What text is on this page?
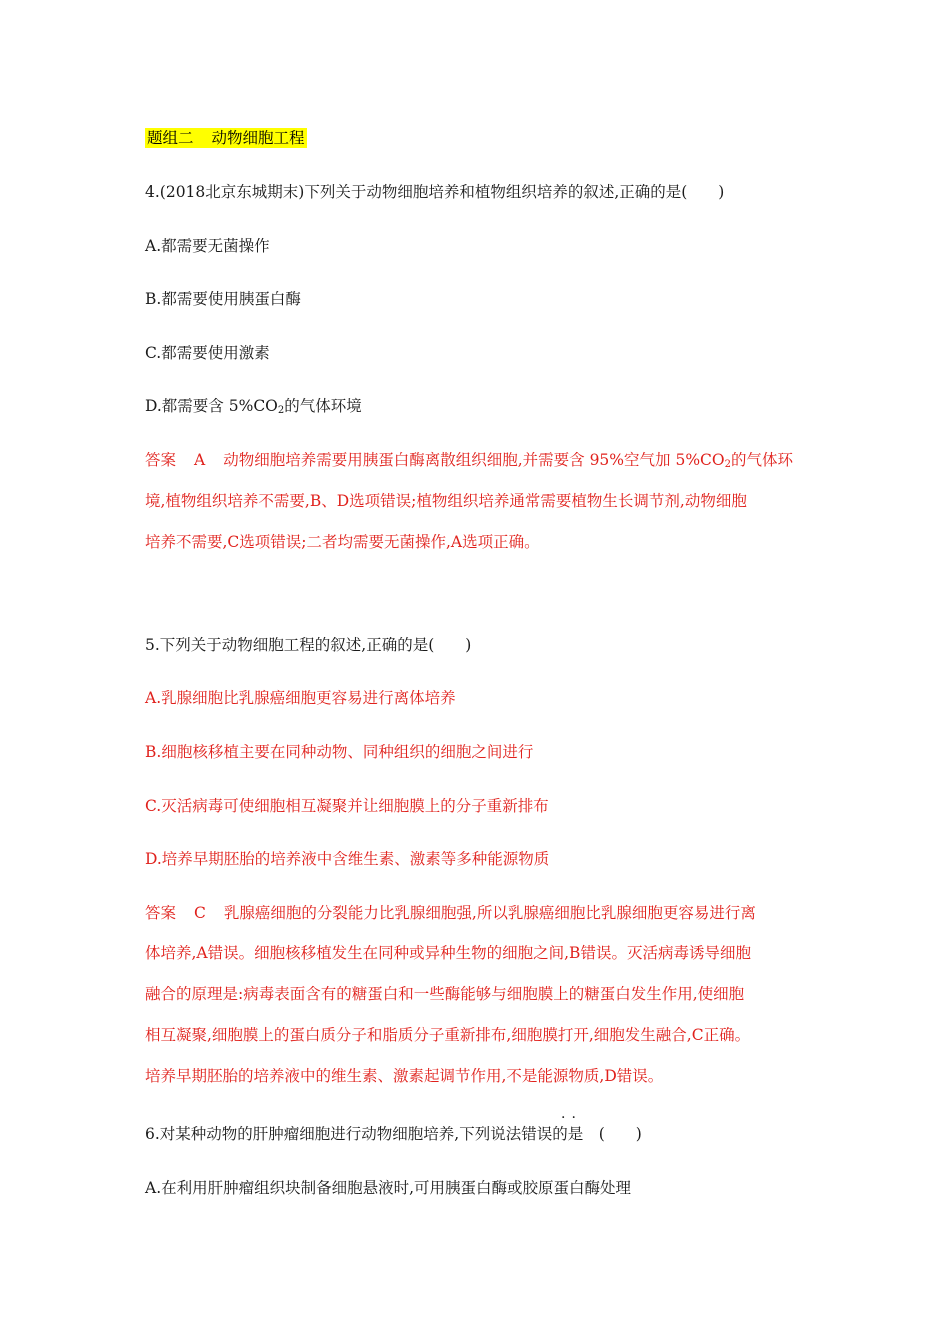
题组二 动物细胞工程
4.(2018北京东城期末)下列关于动物细胞培养和植物组织培养的叙述,正确的是(　　)
A.都需要无菌操作
B.都需要使用胰蛋白酶
C.都需要使用激素
D.都需要含 $5\%CO_2$的气体环境
答案 A 动物细胞培养需要用胰蛋白酶离散组织细胞,并需要含 95%空气加 $5\%CO_2$的气体环
境,植物组织培养不需要,B、D选项错误;植物组织培养通常需要植物生长调节剂,动物细胞
培养不需要,C选项错误;二者均需要无菌操作,A选项正确。
5.下列关于动物细胞工程的叙述,正确的是(　　)
A.乳腺细胞比乳腺癌细胞更容易进行离体培养
B.细胞核移植主要在同种动物、同种组织的细胞之间进行
C.灭活病毒可使细胞相互凝聚并让细胞膜上的分子重新排布
D.培养早期胚胎的培养液中含维生素、激素等多种能源物质
答案 C 乳腺癌细胞的分裂能力比乳腺细胞强,所以乳腺癌细胞比乳腺细胞更容易进行离
体培养,A错误。细胞核移植发生在同种或异种生物的细胞之间,B错误。灭活病毒诱导细胞
融合的原理是:病毒表面含有的糖蛋白和一些酶能够与细胞膜上的糖蛋白发生作用,使细胞
相互凝聚,细胞膜上的蛋白质分子和脂质分子重新排布,细胞膜打开,细胞发生融合,C正确。
培养早期胚胎的培养液中的维生素、激素起调节作用,不是能源物质,D错误。
··
6.对某种动物的肝肿瘤细胞进行动物细胞培养,下列说法错误的是　(　　)
A.在利用肝肿瘤组织块制备细胞悬液时,可用胰蛋白酶或胶原蛋白酶处理
